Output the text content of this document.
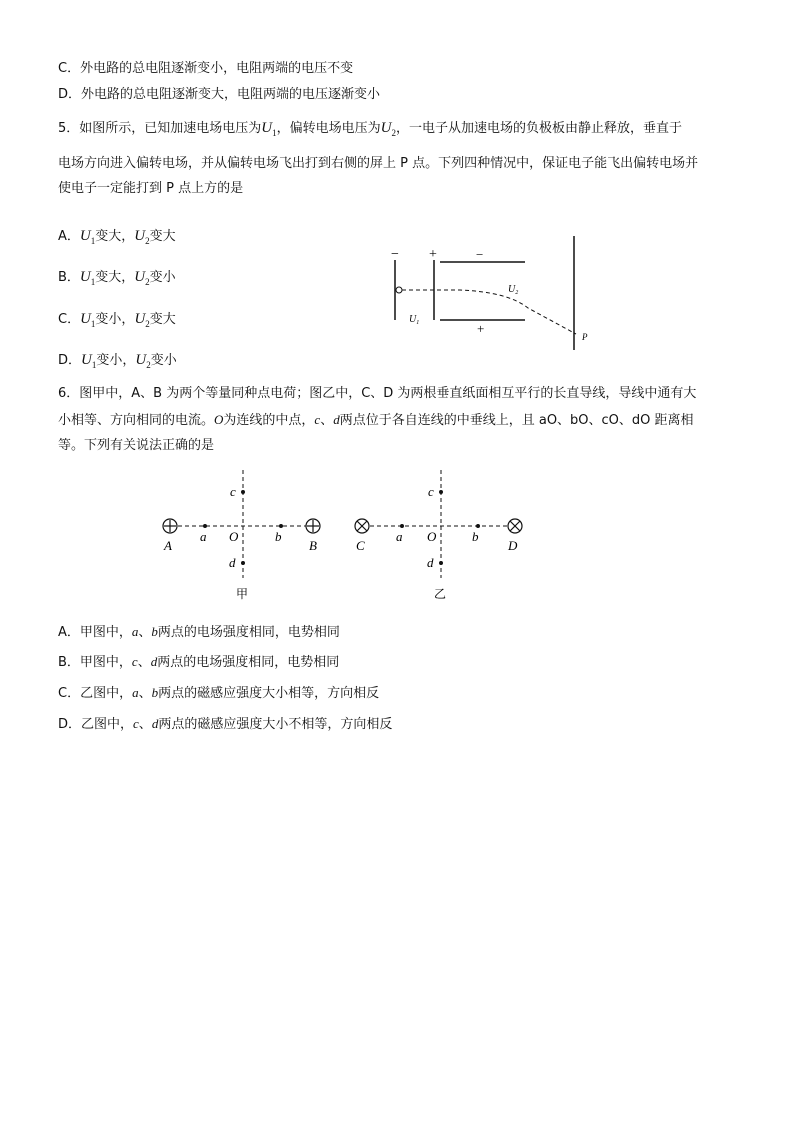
C．外电路的总电阻逐渐变小，电阻两端的电压不变
D．外电路的总电阻逐渐变大，电阻两端的电压逐渐变小
5．如图所示，已知加速电场电压为$U_1$，偏转电场电压为$U_2$，一电子从加速电场的负极板由静止释放，垂直于
电场方向进入偏转电场，并从偏转电场飞出打到右侧的屏上 P 点。下列四种情况中，保证电子能飞出偏转电场并
使电子一定能打到 P 点上方的是
A．$U_1$变大，$U_2$变大
B．$U_1$变大，$U_2$变小
C．$U_1$变小，$U_2$变大
D．$U_1$变小，$U_2$变小
− +	−
+
$U_1$
$U_2$
P
6．图甲中，A、B 为两个等量同种点电荷；图乙中，C、D 为两根垂直纸面相互平行的长直导线，导线中通有大
小相等、方向相同的电流。O为连线的中点，c、d两点位于各自连线的中垂线上，且 aO、bO、cO、dO 距离相
等。下列有关说法正确的是
A	B
a	b
O
c
d
甲
C	D
a	b
O
c
d
乙
A．甲图中，a、b两点的电场强度相同，电势相同
B．甲图中，c、d两点的电场强度相同，电势相同
C．乙图中，a、b两点的磁感应强度大小相等，方向相反
D．乙图中，c、d两点的磁感应强度大小不相等，方向相反
